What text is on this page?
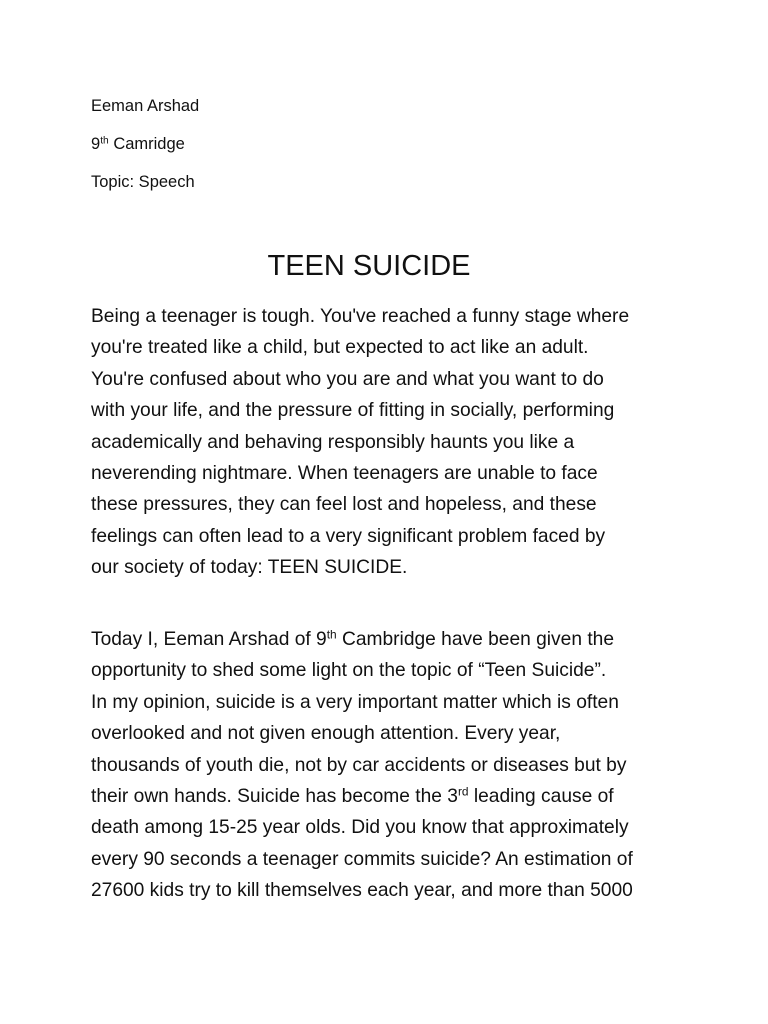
Eeman Arshad
9th Camridge
Topic: Speech
TEEN SUICIDE
Being a teenager is tough. You've reached a funny stage where
you're treated like a child, but expected to act like an adult.
You're confused about who you are and what you want to do
with your life, and the pressure of fitting in socially, performing
academically and behaving responsibly haunts you like a
neverending nightmare. When teenagers are unable to face
these pressures, they can feel lost and hopeless, and these
feelings can often lead to a very significant problem faced by
our society of today: TEEN SUICIDE.
Today I, Eeman Arshad of 9th Cambridge have been given the
opportunity to shed some light on the topic of “Teen Suicide”.
In my opinion, suicide is a very important matter which is often
overlooked and not given enough attention. Every year,
thousands of youth die, not by car accidents or diseases but by
their own hands. Suicide has become the 3rd leading cause of
death among 15-25 year olds. Did you know that approximately
every 90 seconds a teenager commits suicide? An estimation of
27600 kids try to kill themselves each year, and more than 5000
